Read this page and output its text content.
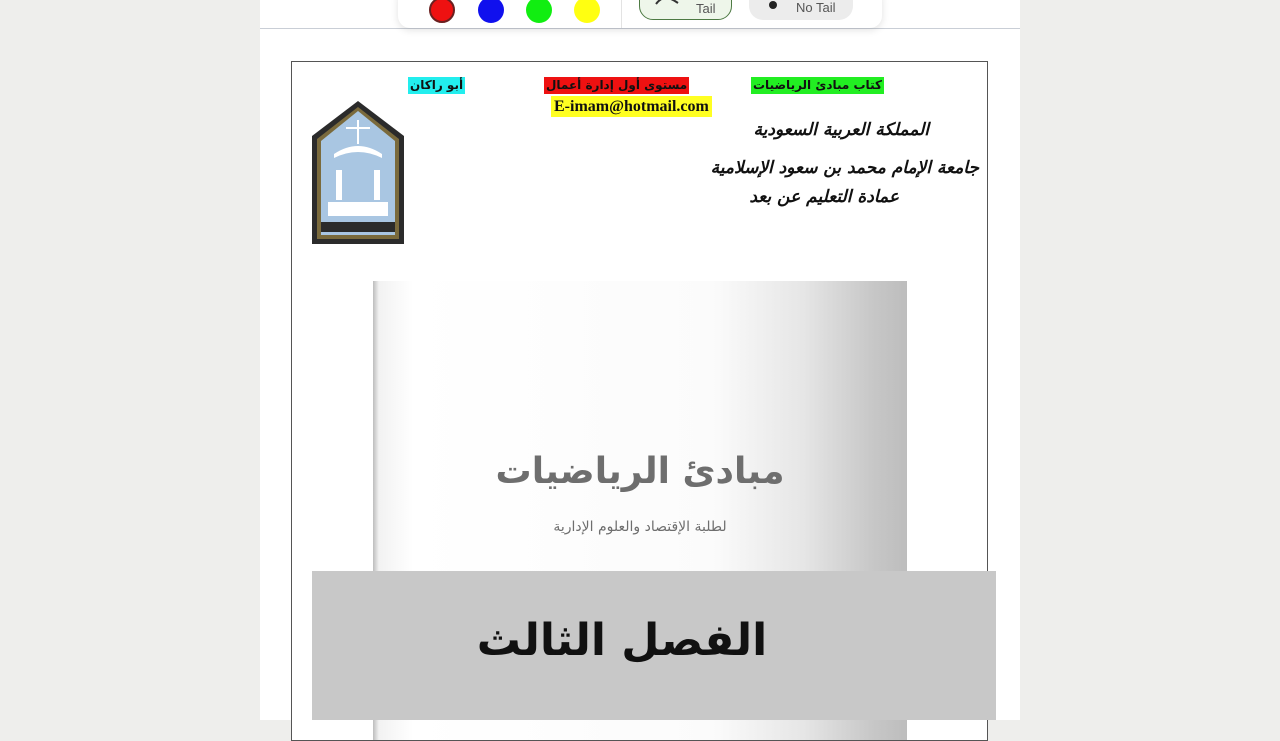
Tail	No Tail
كتاب مبادئ الرياضيات
مستوى أول إدارة أعمال
أبو راكان
E-imam@hotmail.com
المملكة العربية السعودية
جامعة الإمام محمد بن سعود الإسلامية
عمادة التعليم عن بعد
مبادئ الرياضيات
لطلبة الإقتصاد والعلوم الإدارية
الفصل الثالث
